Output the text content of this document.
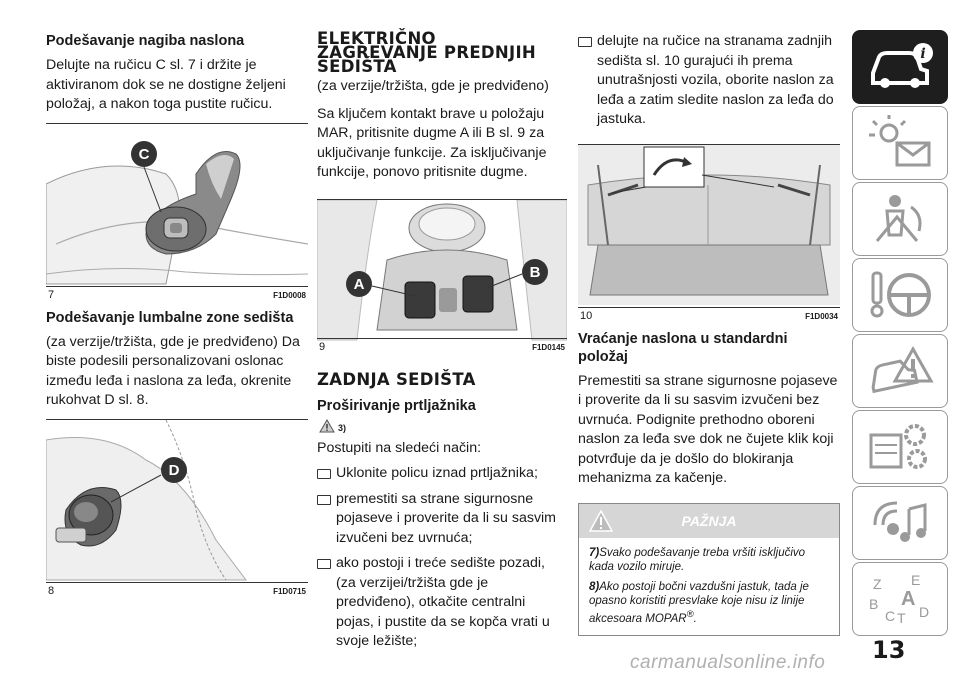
Podešavanje nagiba naslona

Delujte na ručicu C sl. 7 i držite je aktiviranom dok se ne dostigne željeni položaj, a nakon toga pustite ručicu.

C
7	F1D0008
Podešavanje lumbalne zone sedišta

(za verzije/tržišta, gde je predviđeno) Da biste podesili personalizovani oslonac između leđa i naslona za leđa, okrenite rukohvat D sl. 8.

D
8	F1D0715
ELEKTRIČNO
ZAGREVANJE PREDNJIH
SEDIŠTA

(za verzije/tržišta, gde je predviđeno)

Sa ključem kontakt brave u položaju MAR, pritisnite dugme A ili B sl. 9 za uključivanje funkcije. Za isključivanje funkcije, ponovo pritisnite dugme.

A
B
9	F1D0145
ZADNJA SEDIŠTA
Proširivanje prtljažnika
3)

Postupiti na sledeći način:

Uklonite policu iznad prtljažnika;
premestiti sa strane sigurnosne pojaseve i proverite da li su sasvim izvučeni bez uvrnuća;
ako postoji i treće sedište pozadi, (za verzijei/tržišta gde je predviđeno), otkačite centralni pojas, i pustite da se kopča vrati u svoje ležište;
delujte na ručice na stranama zadnjih sedišta sl. 10 gurajući ih prema unutrašnjosti vozila, oborite naslon za leđa a zatim sledite naslon za leđa do jastuka.
10	F1D0034
Vraćanje naslona u standardni položaj

Premestiti sa strane sigurnosne pojaseve i proverite da li su sasvim izvučeni bez uvrnuća. Podignite prethodno oboreni naslon za leđa sve dok ne čujete klik koji potvrđuje da je došlo do blokiranja mehanizma za kačenje.

PAŽNJA
7)Svako podešavanje treba vršiti isključivo kada vozilo miruje.
8)Ako postoji bočni vazdušni jastuk, tada je opasno koristiti presvlake koje nisu iz linije akcesoara MOPAR®.
i
Z E
B A
C T D
13
carmanualsonline.info
